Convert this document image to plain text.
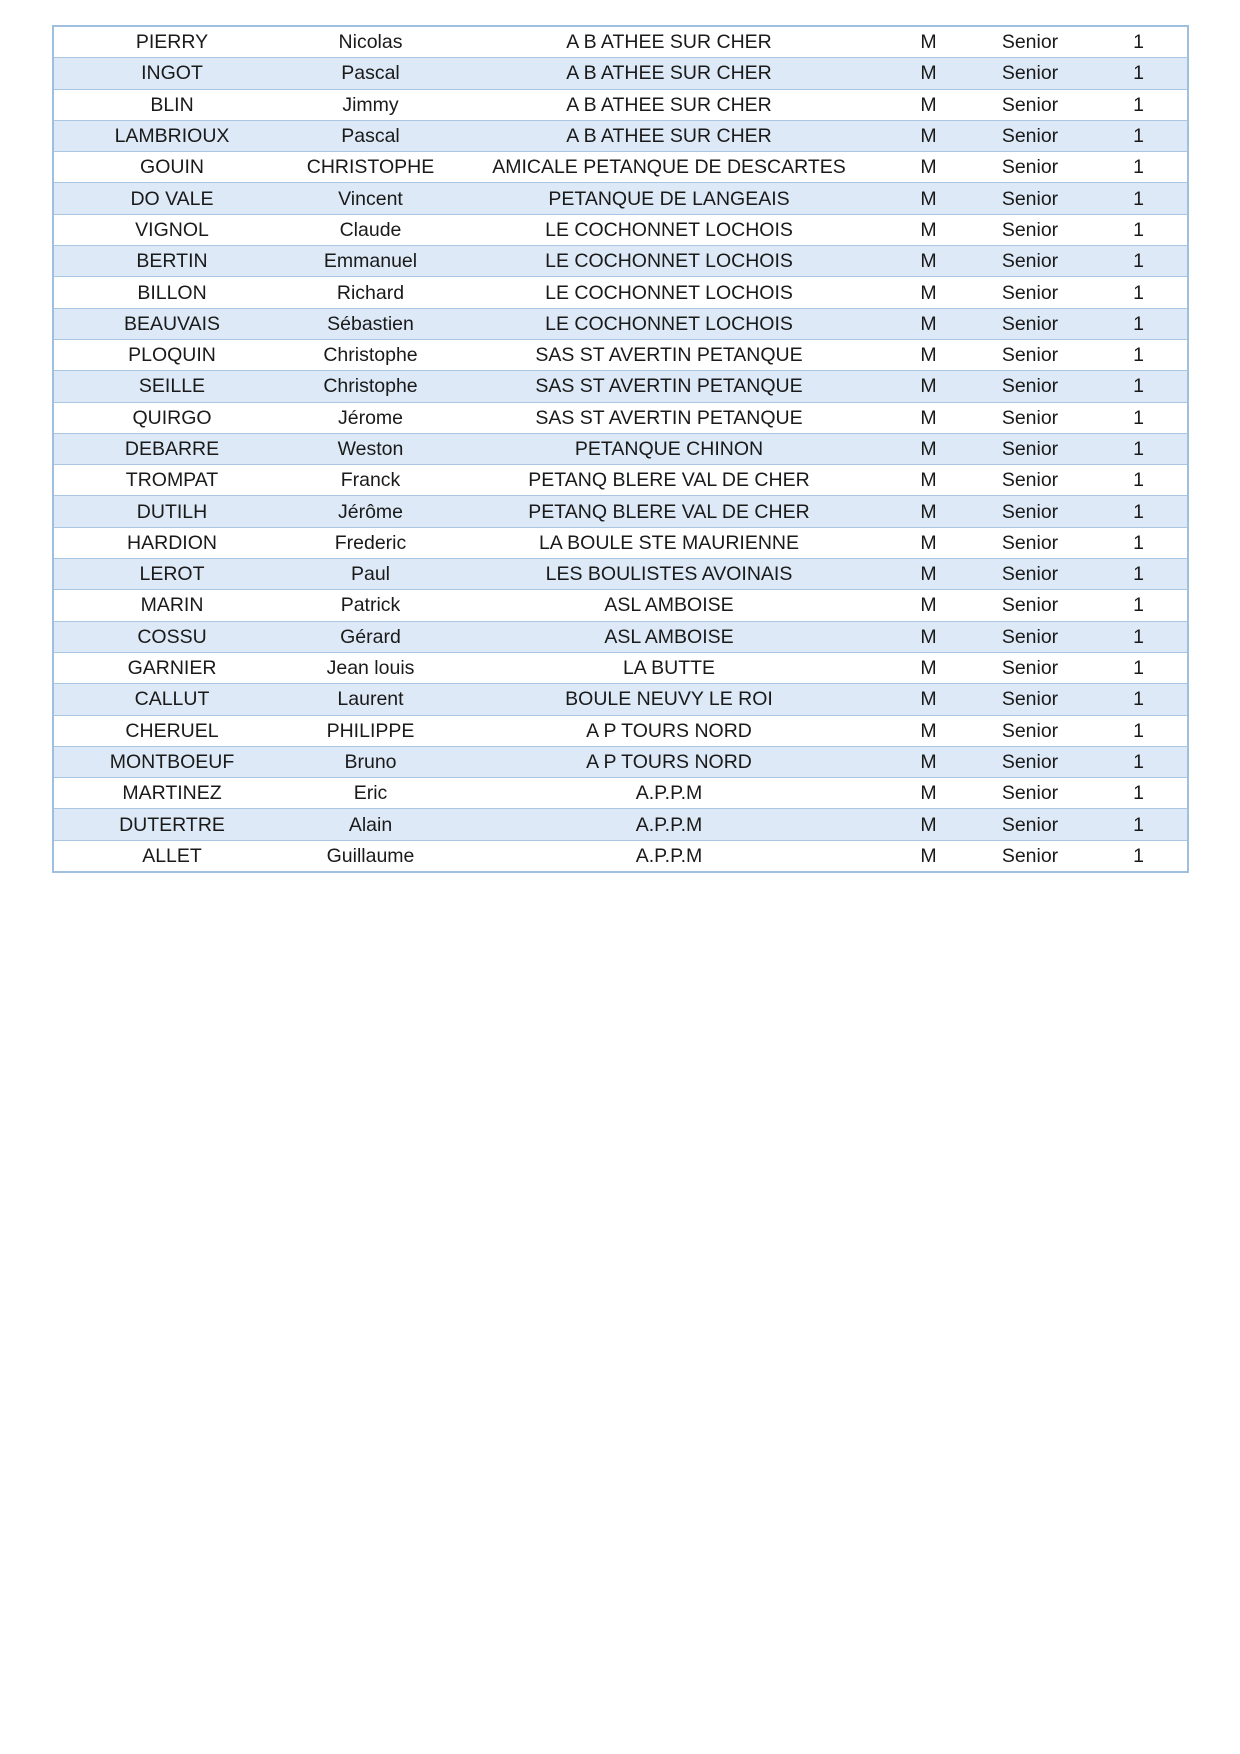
PIERRY	Nicolas	A B ATHEE SUR CHER	M	Senior	1
INGOT	Pascal	A B ATHEE SUR CHER	M	Senior	1
BLIN	Jimmy	A B ATHEE SUR CHER	M	Senior	1
LAMBRIOUX	Pascal	A B ATHEE SUR CHER	M	Senior	1
GOUIN	CHRISTOPHE	AMICALE PETANQUE DE DESCARTES	M	Senior	1
DO VALE	Vincent	PETANQUE DE LANGEAIS	M	Senior	1
VIGNOL	Claude	LE COCHONNET LOCHOIS	M	Senior	1
BERTIN	Emmanuel	LE COCHONNET LOCHOIS	M	Senior	1
BILLON	Richard	LE COCHONNET LOCHOIS	M	Senior	1
BEAUVAIS	Sébastien	LE COCHONNET LOCHOIS	M	Senior	1
PLOQUIN	Christophe	SAS ST AVERTIN PETANQUE	M	Senior	1
SEILLE	Christophe	SAS ST AVERTIN PETANQUE	M	Senior	1
QUIRGO	Jérome	SAS ST AVERTIN PETANQUE	M	Senior	1
DEBARRE	Weston	PETANQUE CHINON	M	Senior	1
TROMPAT	Franck	PETANQ BLERE VAL DE CHER	M	Senior	1
DUTILH	Jérôme	PETANQ BLERE VAL DE CHER	M	Senior	1
HARDION	Frederic	LA BOULE STE MAURIENNE	M	Senior	1
LEROT	Paul	LES BOULISTES AVOINAIS	M	Senior	1
MARIN	Patrick	ASL AMBOISE	M	Senior	1
COSSU	Gérard	ASL AMBOISE	M	Senior	1
GARNIER	Jean louis	LA BUTTE	M	Senior	1
CALLUT	Laurent	BOULE NEUVY LE ROI	M	Senior	1
CHERUEL	PHILIPPE	A P TOURS NORD	M	Senior	1
MONTBOEUF	Bruno	A P TOURS NORD	M	Senior	1
MARTINEZ	Eric	A.P.P.M	M	Senior	1
DUTERTRE	Alain	A.P.P.M	M	Senior	1
ALLET	Guillaume	A.P.P.M	M	Senior	1
